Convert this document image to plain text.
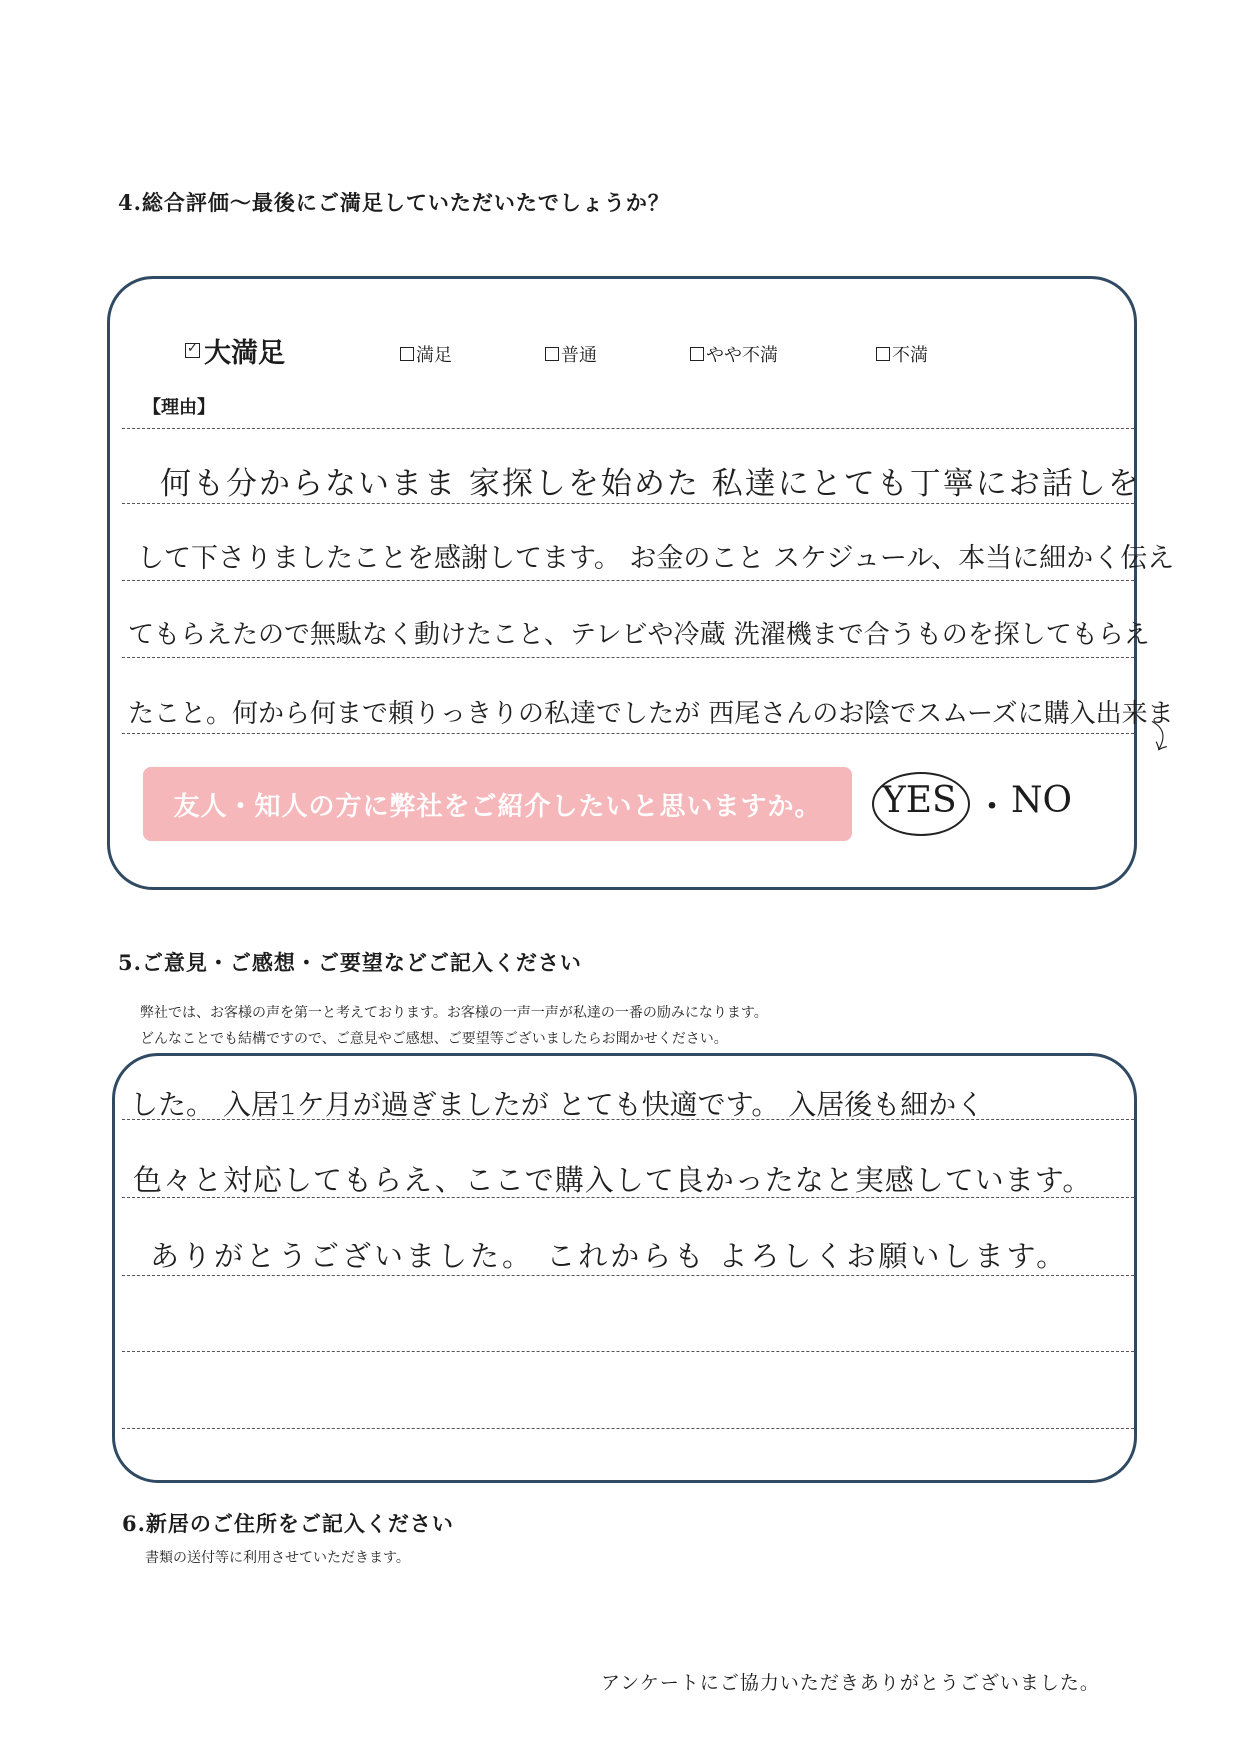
4.総合評価〜最後にご満足していただいたでしょうか？
✓ 大満足	満足	普通	やや不満	不満
【理由】
何も分からないまま 家探しを始めた 私達にとても丁寧にお話しを
して下さりましたことを感謝してます。 お金のこと スケジュール、本当に細かく伝え
てもらえたので無駄なく動けたこと、テレビや冷蔵 洗濯機まで合うものを探してもらえ
たこと。何から何まで頼りっきりの私達でしたが 西尾さんのお陰でスムーズに購入出来ま
⤵
友人・知人の方に弊社をご紹介したいと思いますか。 YES ・ NO
5.ご意見・ご感想・ご要望などご記入ください
弊社では、お客様の声を第一と考えております。お客様の一声一声が私達の一番の励みになります。
どんなことでも結構ですので、ご意見やご感想、ご要望等ございましたらお聞かせください。
した。 入居1ケ月が過ぎましたが とても快適です。 入居後も細かく
色々と対応してもらえ、ここで購入して良かったなと実感しています。
ありがとうございました。 これからも よろしくお願いします。
6.新居のご住所をご記入ください
書類の送付等に利用させていただきます。
アンケートにご協力いただきありがとうございました。
